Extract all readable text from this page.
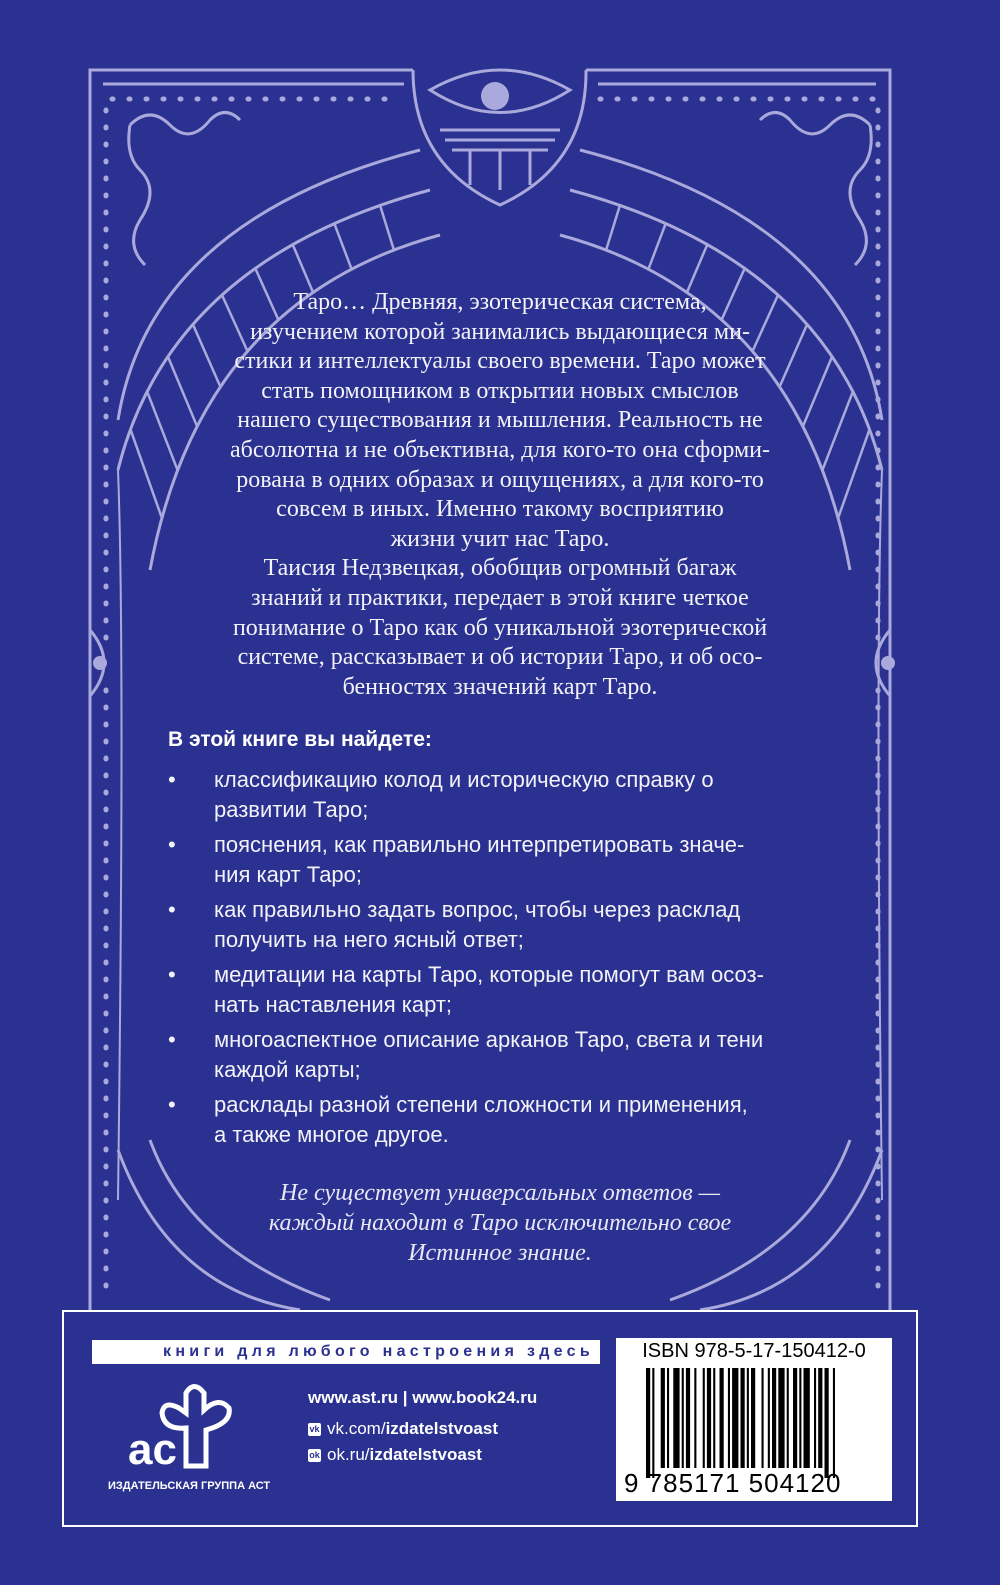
Таро… Древняя, эзотерическая система,
изучением которой занимались выдающиеся ми-
стики и интеллектуалы своего времени. Таро может
стать помощником в открытии новых смыслов
нашего существования и мышления. Реальность не
абсолютна и не объективна, для кого-то она сформи-
рована в одних образах и ощущениях, а для кого-то
совсем в иных. Именно такому восприятию
жизни учит нас Таро.
Таисия Недзвецкая, обобщив огромный багаж
знаний и практики, передает в этой книге четкое
понимание о Таро как об уникальной эзотерической
системе, рассказывает и об истории Таро, и об осо-
бенностях значений карт Таро.
В этой книге вы найдете:
• классификацию колод и историческую справку о
развитии Таро;
• пояснения, как правильно интерпретировать значе-
ния карт Таро;
• как правильно задать вопрос, чтобы через расклад
получить на него ясный ответ;
• медитации на карты Таро, которые помогут вам осоз-
нать наставления карт;
• многоаспектное описание арканов Таро, света и тени
каждой карты;
• расклады разной степени сложности и применения,
а также многое другое.
Не существует универсальных ответов —
каждый находит в Таро исключительно свое
Истинное знание.
книги для любого настроения здесь
ac
ИЗДАТЕЛЬСКАЯ ГРУППА АСТ
www.ast.ru | www.book24.ru
vk vk.com/izdatelstvoast
ok ok.ru/izdatelstvoast
ISBN 978-5-17-150412-0
9 785171 504120
